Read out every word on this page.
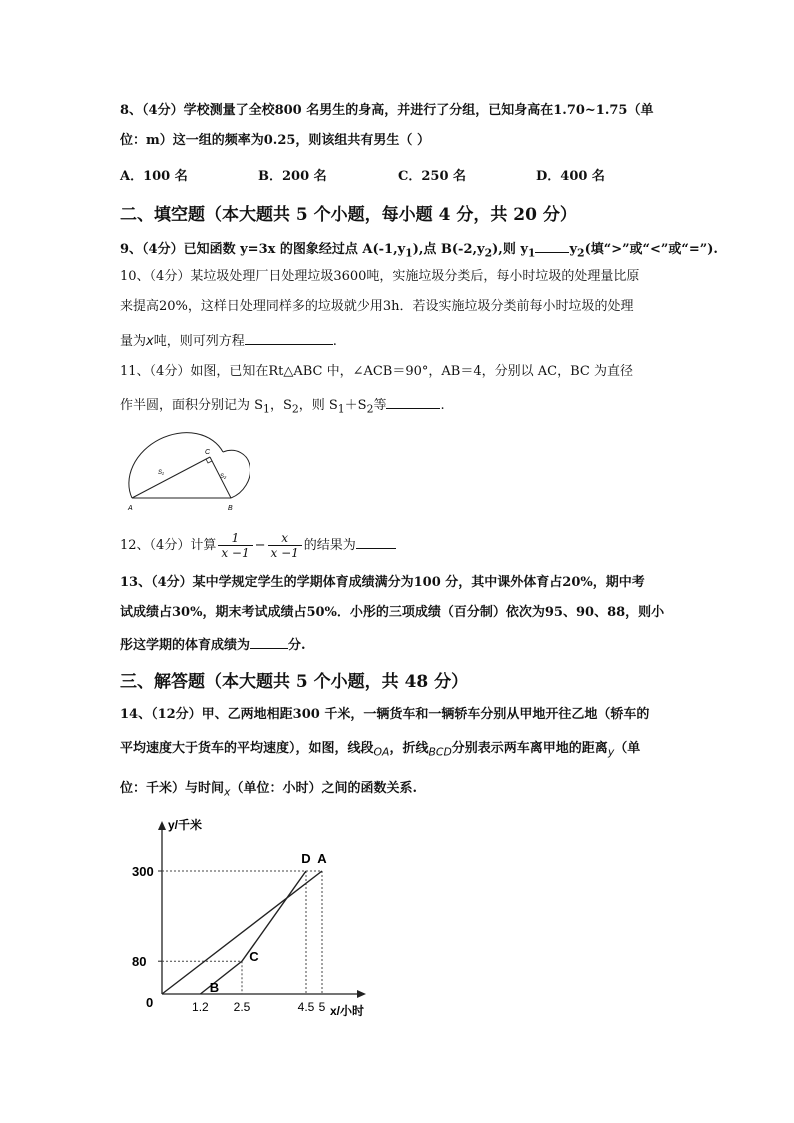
8、（4分）学校测量了全校800 名男生的身高，并进行了分组，已知身高在1.70~1.75（单
位：m）这一组的频率为0.25，则该组共有男生（ ）
A．100 名	B．200 名	C．250 名	D．400 名
二、填空题（本大题共 5 个小题，每小题 4 分，共 20 分）
9、（4分）已知函数 y=3x 的图象经过点 $A(-1,y_1)$,点 $B(-2,y_2)$,则 $y_1$	$y_2$(填“>”或“<”或“=”).
10、（4分）某垃圾处理厂日处理垃圾3600吨，实施垃圾分类后，每小时垃圾的处理量比原
来提高20%，这样日处理同样多的垃圾就少用3h．若设实施垃圾分类前每小时垃圾的处理
量为x吨，则可列方程	.
11、（4分）如图，已知在Rt△ABC 中，∠ACB＝90°，AB＝4，分别以 AC，BC 为直径
作半圆，面积分别记为 $S_1$，$S_2$，则 $S_1+S_2$等	.
A	B
C
S₁
S₂
12、（4分）计算 $\frac{1}{x -1} - \frac{x}{x -1}$ 的结果为
13、（4分）某中学规定学生的学期体育成绩满分为100 分，其中课外体育占20%，期中考
试成绩占30%，期末考试成绩占50%．小彤的三项成绩（百分制）依次为95、90、88，则小
彤这学期的体育成绩为	分.
三、解答题（本大题共 5 个小题，共 48 分）
14、（12分）甲、乙两地相距300 千米，一辆货车和一辆轿车分别从甲地开往乙地（轿车的
平均速度大于货车的平均速度），如图，线段$_{OA}$，折线$_{BCD}$分别表示两车离甲地的距离$_y$（单
位：千米）与时间$_x$（单位：小时）之间的函数关系.
y/千米
x/小时
0
80
300
1.2 2.5	4.5 5
A
B
C
D
